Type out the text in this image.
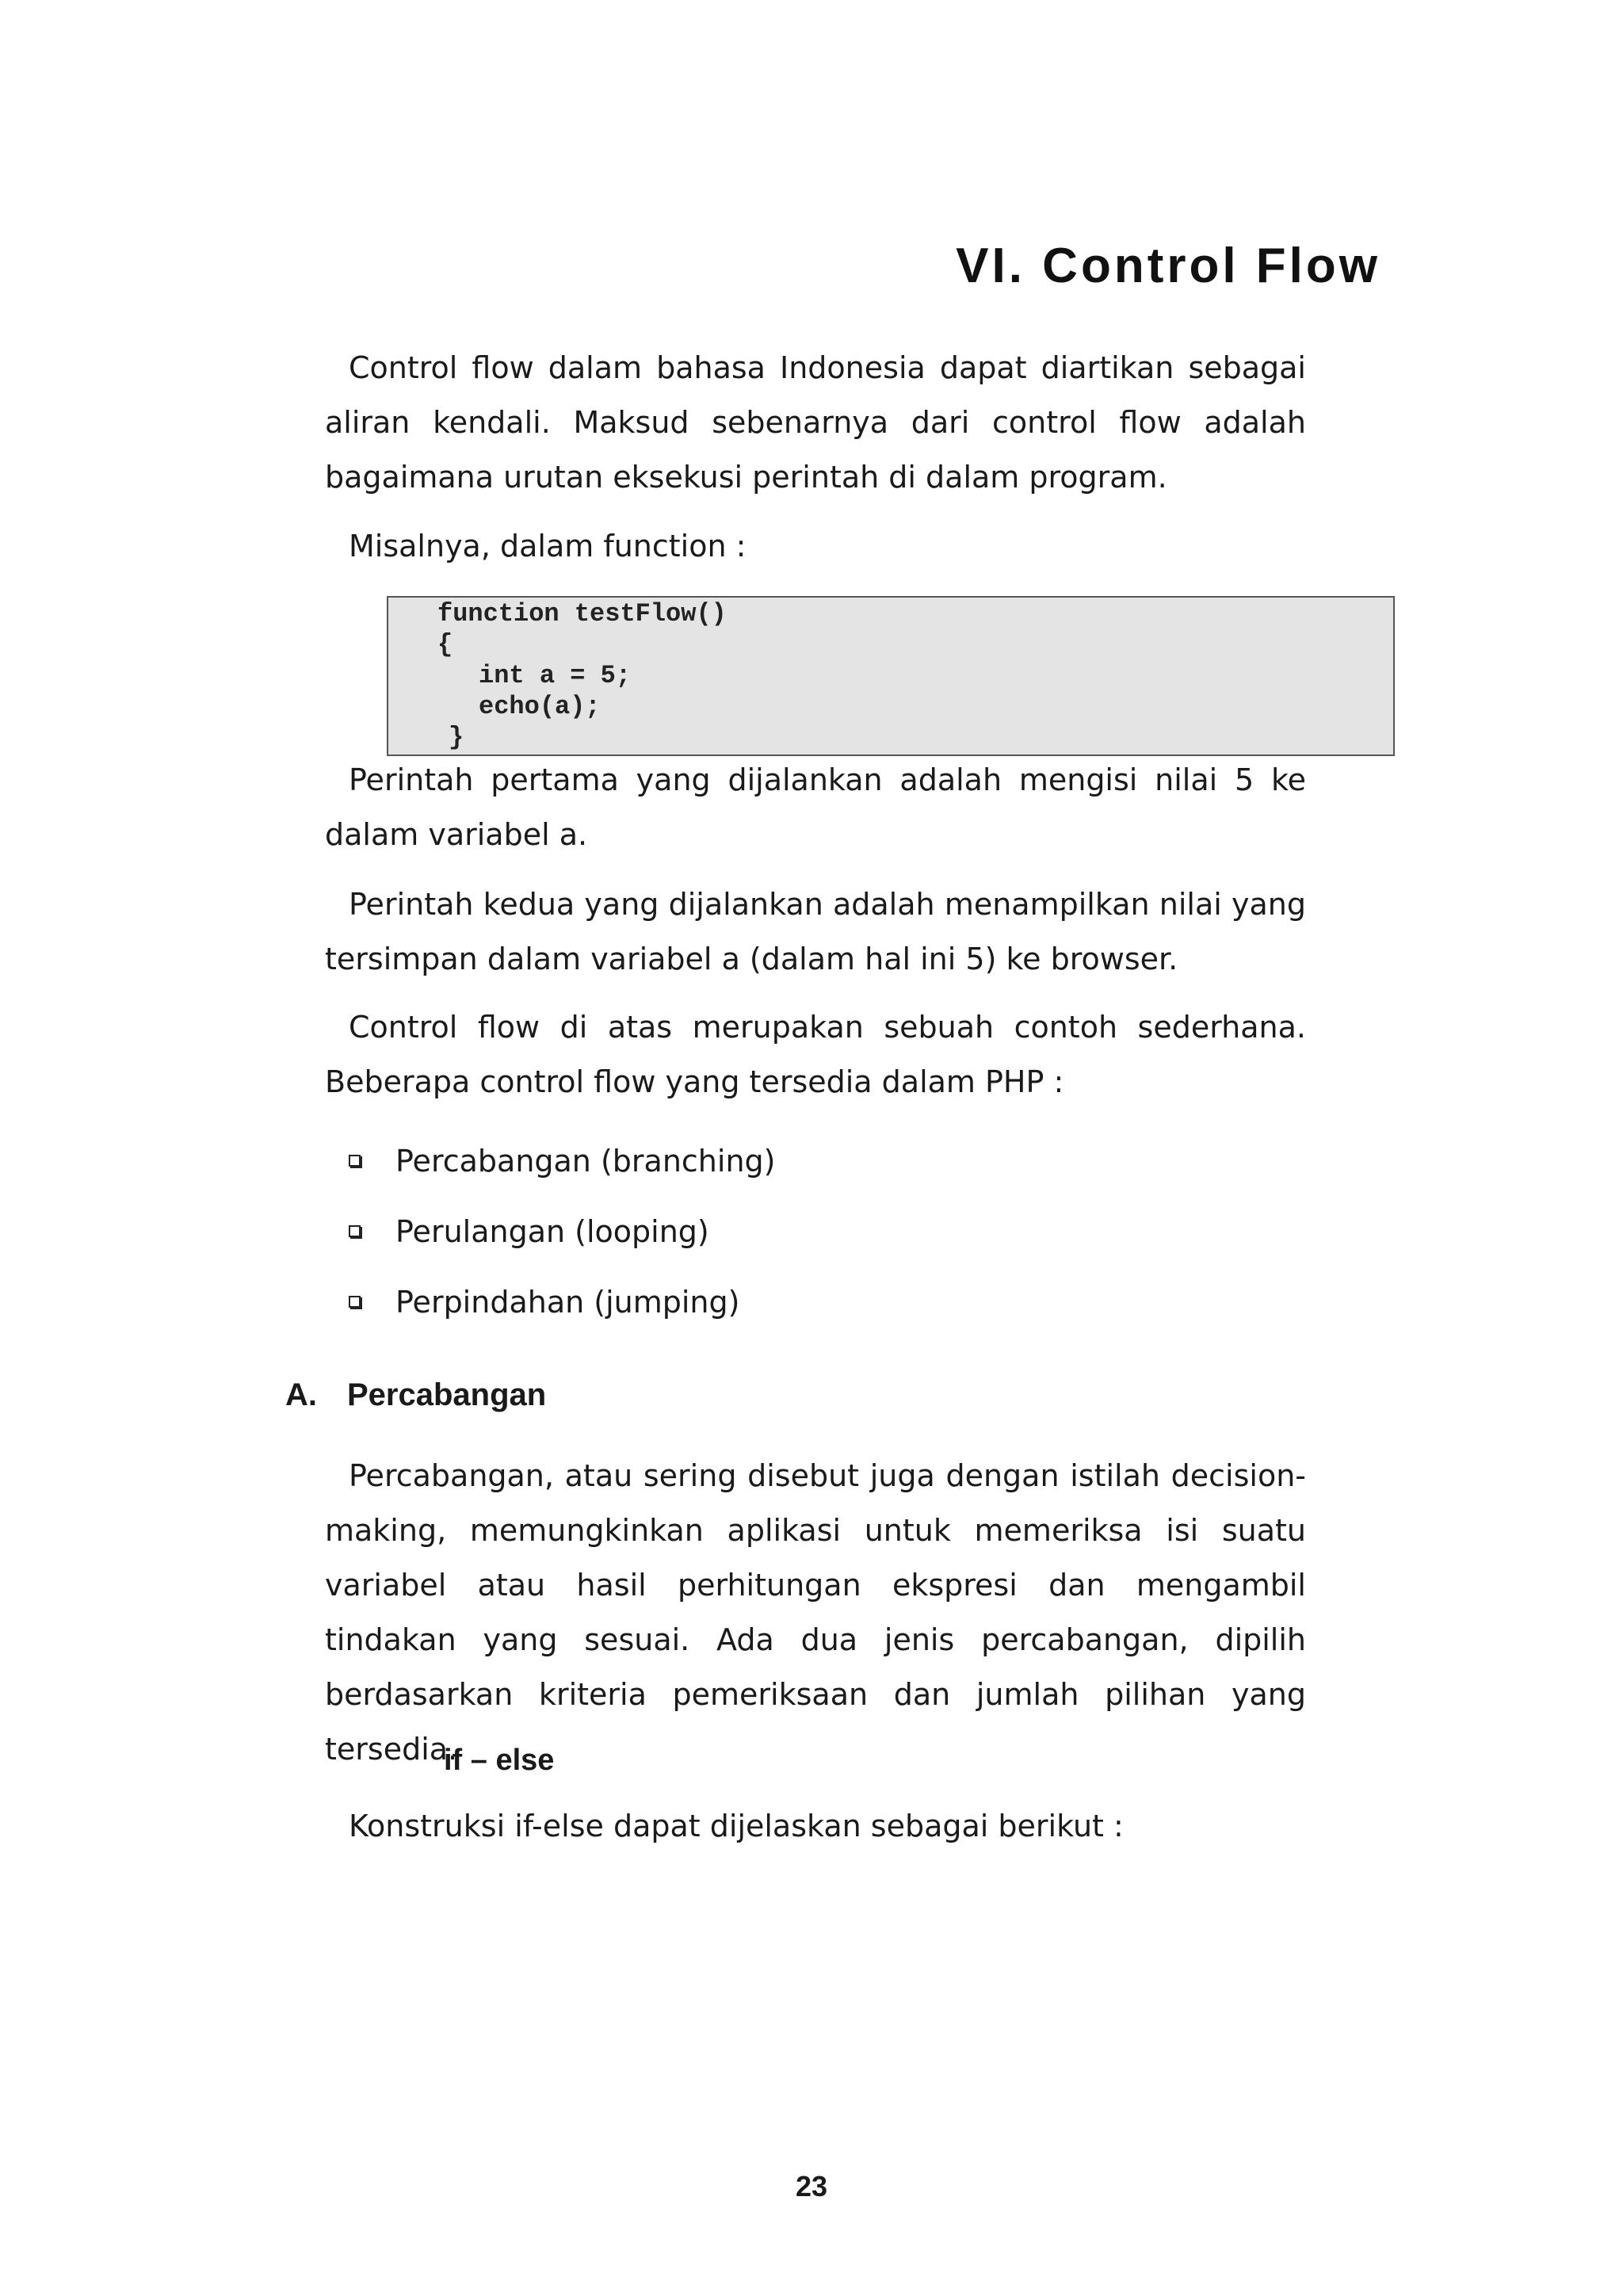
VI. Control Flow

Control flow dalam bahasa Indonesia dapat diartikan sebagai aliran kendali. Maksud sebenarnya dari control flow adalah bagaimana urutan eksekusi perintah di dalam program.

Misalnya, dalam function :

function testFlow()
{
int a = 5;
echo(a);
}

Perintah pertama yang dijalankan adalah mengisi nilai 5 ke dalam variabel a.

Perintah kedua yang dijalankan adalah menampilkan nilai yang tersimpan dalam variabel a (dalam hal ini 5) ke browser.

Control flow di atas merupakan sebuah contoh sederhana. Beberapa control flow yang tersedia dalam PHP :

Percabangan (branching)
Perulangan (looping)
Perpindahan (jumping)
A. Percabangan

Percabangan, atau sering disebut juga dengan istilah decision-making, memungkinkan aplikasi untuk memeriksa isi suatu variabel atau hasil perhitungan ekspresi dan mengambil tindakan yang sesuai. Ada dua jenis percabangan, dipilih berdasarkan kriteria pemeriksaan dan jumlah pilihan yang tersedia.

if – else

Konstruksi if-else dapat dijelaskan sebagai berikut :

23
